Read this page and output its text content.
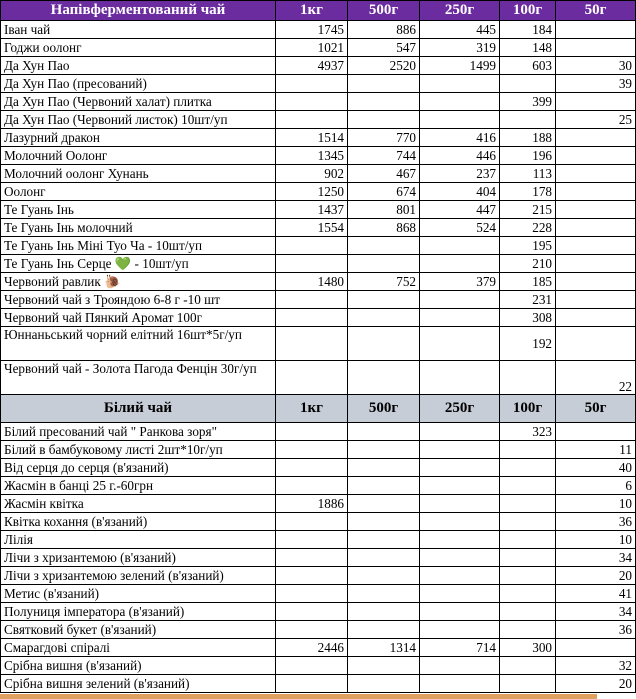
Напівферментований чай	1кг	500г	250г	100г	50г
Іван чай	1745	886	445	184	
Годжи оолонг	1021	547	319	148	
Да Хун Пао	4937	2520	1499	603	30
Да Хун Пао (пресований)					39
Да Хун Пао (Червоний халат) плитка				399	
Да Хун Пао (Червоний листок) 10шт/уп					25
Лазурний дракон	1514	770	416	188	
Молочний Оолонг	1345	744	446	196	
Молочний оолонг Хунань	902	467	237	113	
Оолонг	1250	674	404	178	
Те Гуань Інь	1437	801	447	215	
Те Гуань Інь молочний	1554	868	524	228	
Те Гуань Інь Міні Туо Ча - 10шт/уп				195	
Те Гуань Інь Серце 💚 - 10шт/уп				210	
Червоний равлик 🐌	1480	752	379	185	
Червоний чай з Трояндою 6-8 г -10 шт				231	
Червоний чай Пянкий Аромат 100г				308	
Юннаньський чорний елітний 16шт*5г/уп				192	
Червоний чай - Золота Пагода Фенцін 30г/уп					22
Білий чай	1кг	500г	250г	100г	50г
Білий пресований чай " Ранкова зоря"				323	
Білий в бамбуковому листі 2шт*10г/уп					11
Від серця до серця (в'язаний)					40
Жасмін в банці 25 г.-60грн					6
Жасмін квітка	1886				10
Квітка кохання (в'язаний)					36
Лілія					10
Лічи з хризантемою (в'язаний)					34
Лічи з хризантемою зелений (в'язаний)					20
Метис (в'язаний)					41
Полуниця імператора (в'язаний)					34
Святковий букет (в'язаний)					36
Смарагдові спіралі	2446	1314	714	300	
Срібна вишня (в'язаний)					32
Срібна вишня зелений (в'язаний)					20
